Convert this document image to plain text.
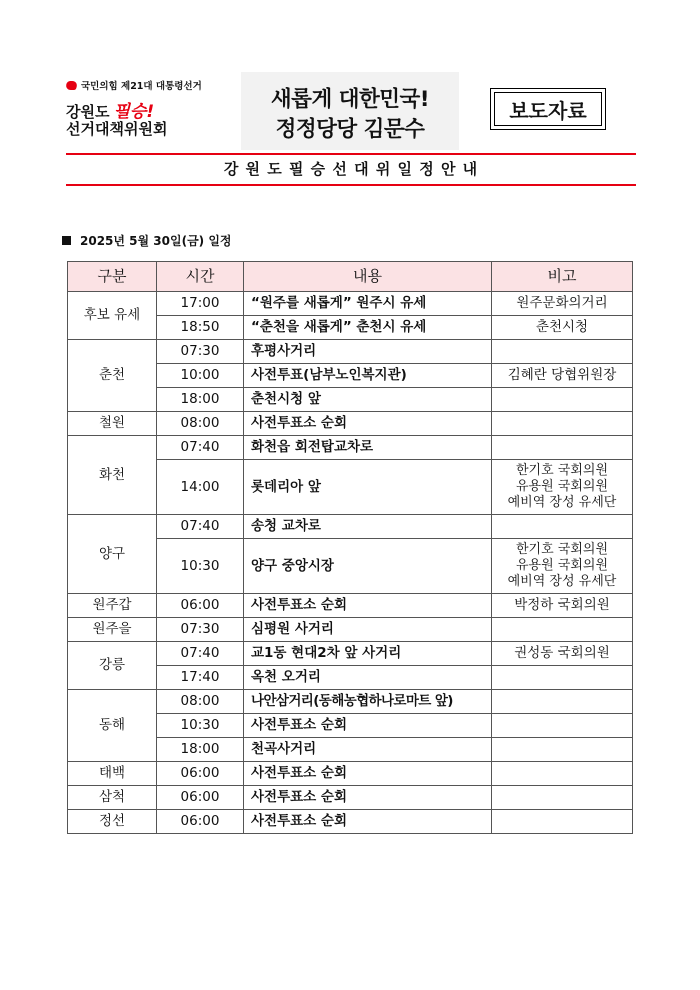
국민의힘 제21대 대통령선거
강원도 필승!
선거대책위원회
새롭게 대한민국!
정정당당 김문수
보도자료
강 원 도 필 승 선 대 위 일 정 안 내
2025년 5월 30일(금) 일정
구분	시간	내용	비고
후보 유세	17:00	“원주를 새롭게” 원주시 유세	원주문화의거리
	18:50	“춘천을 새롭게” 춘천시 유세	춘천시청
춘천	07:30	후평사거리	
	10:00	사전투표(남부노인복지관)	김혜란 당협위원장
	18:00	춘천시청 앞	
철원	08:00	사전투표소 순회	
화천	07:40	화천읍 회전탑교차로	
	14:00	롯데리아 앞	한기호 국회의원
유용원 국회의원
예비역 장성 유세단

양구	07:40	송청 교차로	
	10:30	양구 중앙시장	한기호 국회의원
유용원 국회의원
예비역 장성 유세단

원주갑	06:00	사전투표소 순회	박정하 국회의원
원주을	07:30	심평원 사거리	
강릉	07:40	교1동 현대2차 앞 사거리	권성동 국회의원
	17:40	옥천 오거리	
동해	08:00	나안삼거리(동해농협하나로마트 앞)	
	10:30	사전투표소 순회	
	18:00	천곡사거리	
태백	06:00	사전투표소 순회	
삼척	06:00	사전투표소 순회	
정선	06:00	사전투표소 순회	
